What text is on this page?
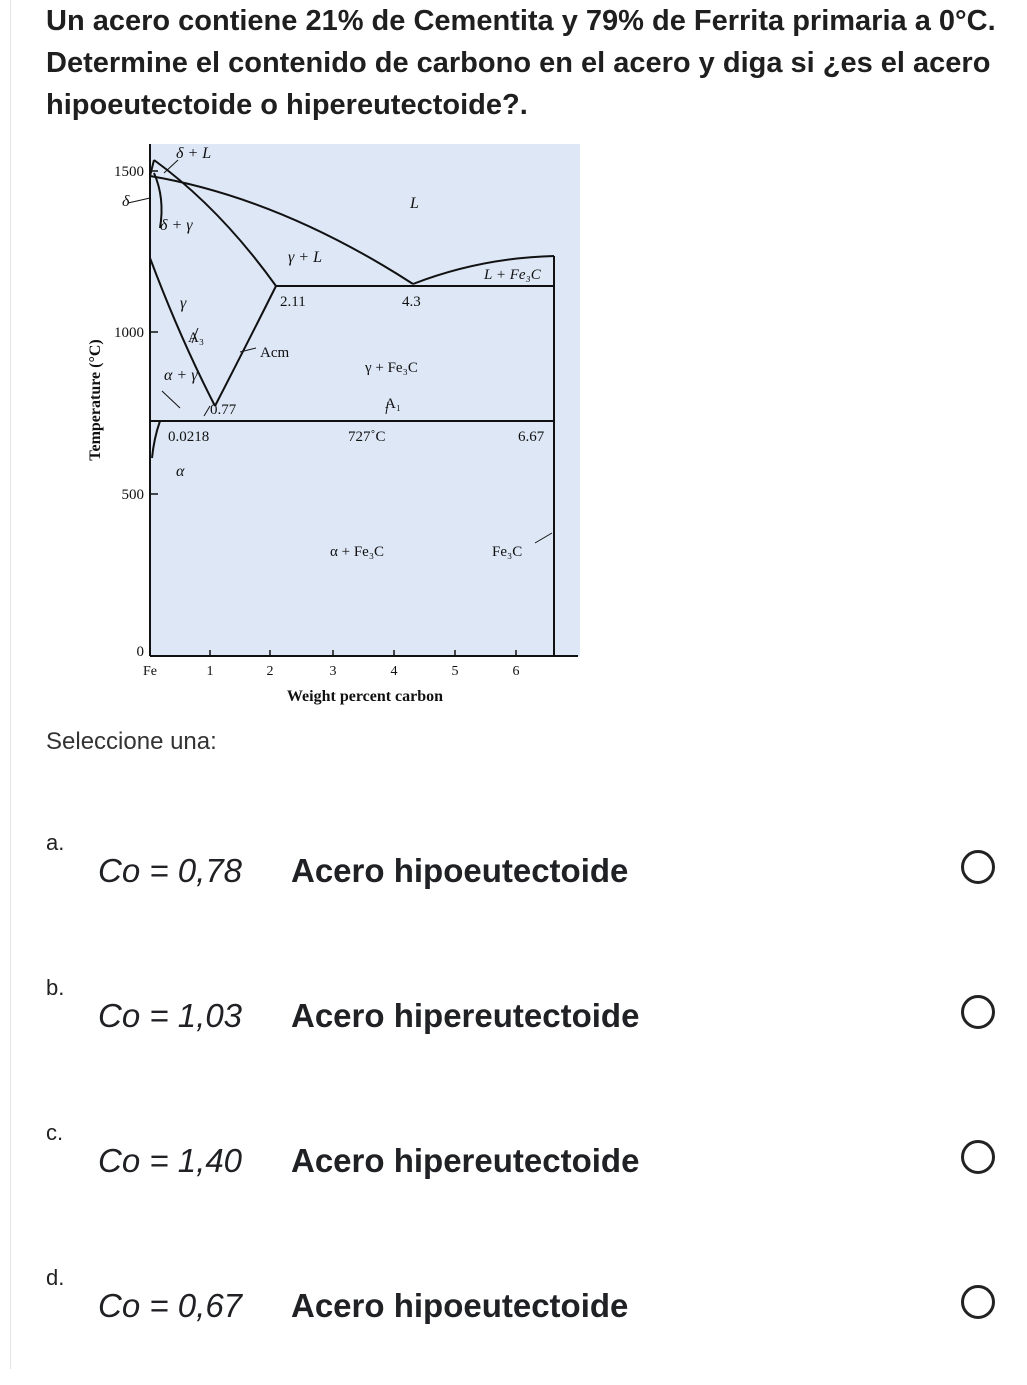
Un acero contiene 21% de Cementita y 79% de Ferrita primaria a 0°C. Determine el contenido de carbono en el acero y diga si ¿es el acero hipoeutectoide o hipereutectoide?.

δ + L
δ
δ + γ
L
γ + L
L + Fe₃C
γ	2.11	4.3
A₃
Acm
α + γ	γ + Fe₃C
0.77	A₁
0.0218	727˚C	6.67
α
α + Fe₃C	Fe₃C
1500
1000
500
0
Fe	1	2	3	4	5	6
Weight percent carbon
Temperature (°C)
Seleccione una:
a.
Co = 0,78 Acero hipoeutectoide
b.
Co = 1,03 Acero hipereutectoide
c.
Co = 1,40 Acero hipereutectoide
d.
Co = 0,67 Acero hipoeutectoide
